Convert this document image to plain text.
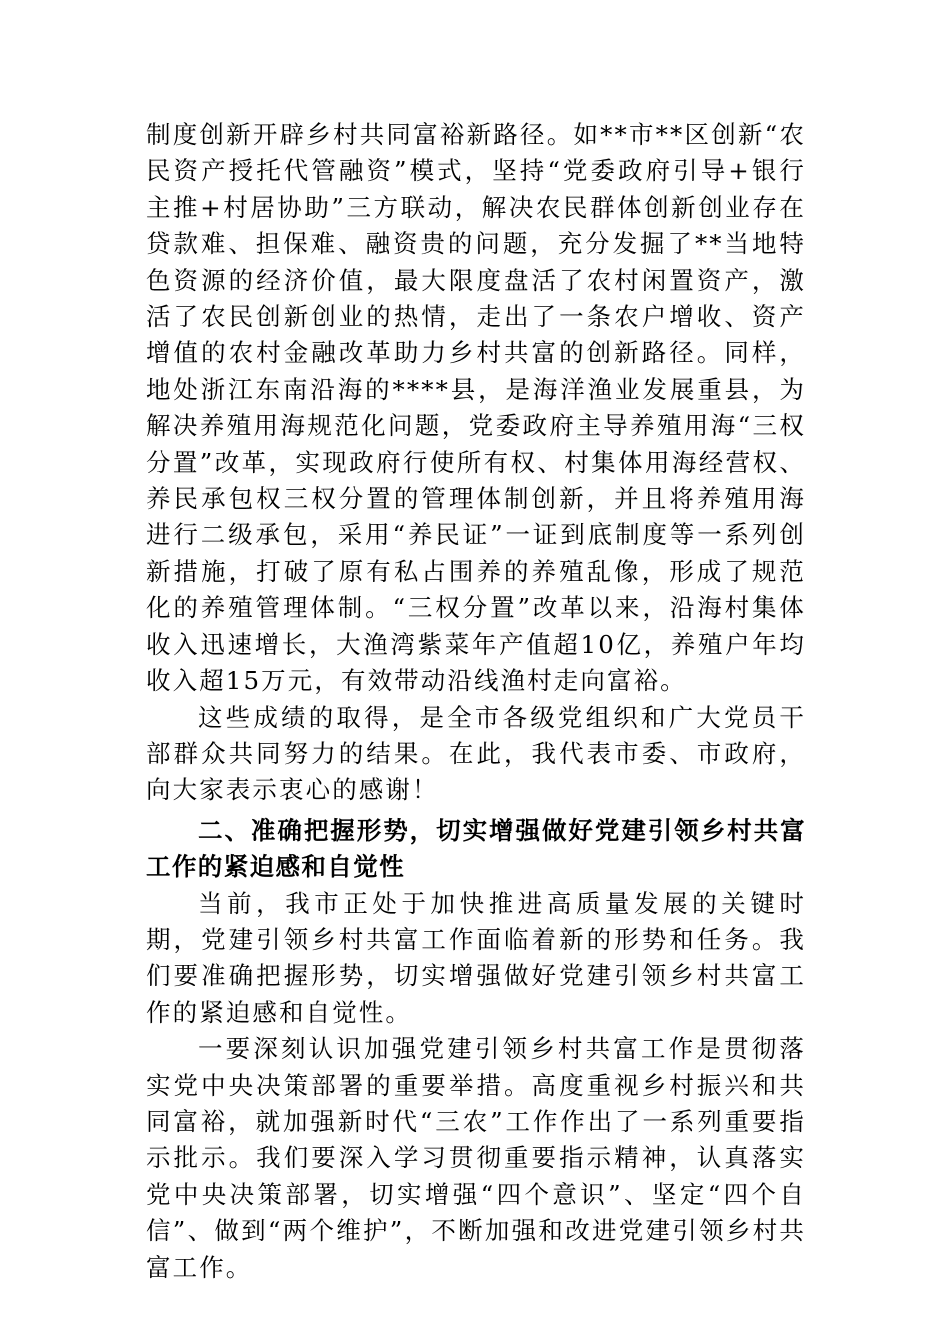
制度创新开辟乡村共同富裕新路径。如**市**区创新“农民资产授托代管融资”模式，坚持“党委政府引导+银行主推+村居协助”三方联动，解决农民群体创新创业存在贷款难、担保难、融资贵的问题，充分发掘了**当地特色资源的经济价值，最大限度盘活了农村闲置资产，激活了农民创新创业的热情，走出了一条农户增收、资产增值的农村金融改革助力乡村共富的创新路径。同样，地处浙江东南沿海的****县，是海洋渔业发展重县，为解决养殖用海规范化问题，党委政府主导养殖用海“三权分置”改革，实现政府行使所有权、村集体用海经营权、养民承包权三权分置的管理体制创新，并且将养殖用海进行二级承包，采用“养民证”一证到底制度等一系列创新措施，打破了原有私占围养的养殖乱像，形成了规范化的养殖管理体制。“三权分置”改革以来，沿海村集体收入迅速增长，大渔湾紫菜年产值超10亿，养殖户年均收入超15万元，有效带动沿线渔村走向富裕。

这些成绩的取得，是全市各级党组织和广大党员干部群众共同努力的结果。在此，我代表市委、市政府，向大家表示衷心的感谢！

二、准确把握形势，切实增强做好党建引领乡村共富工作的紧迫感和自觉性

当前，我市正处于加快推进高质量发展的关键时期，党建引领乡村共富工作面临着新的形势和任务。我们要准确把握形势，切实增强做好党建引领乡村共富工作的紧迫感和自觉性。

一要深刻认识加强党建引领乡村共富工作是贯彻落实党中央决策部署的重要举措。高度重视乡村振兴和共同富裕，就加强新时代“三农”工作作出了一系列重要指示批示。我们要深入学习贯彻重要指示精神，认真落实党中央决策部署，切实增强“四个意识”、坚定“四个自信”、做到“两个维护”，不断加强和改进党建引领乡村共富工作。
